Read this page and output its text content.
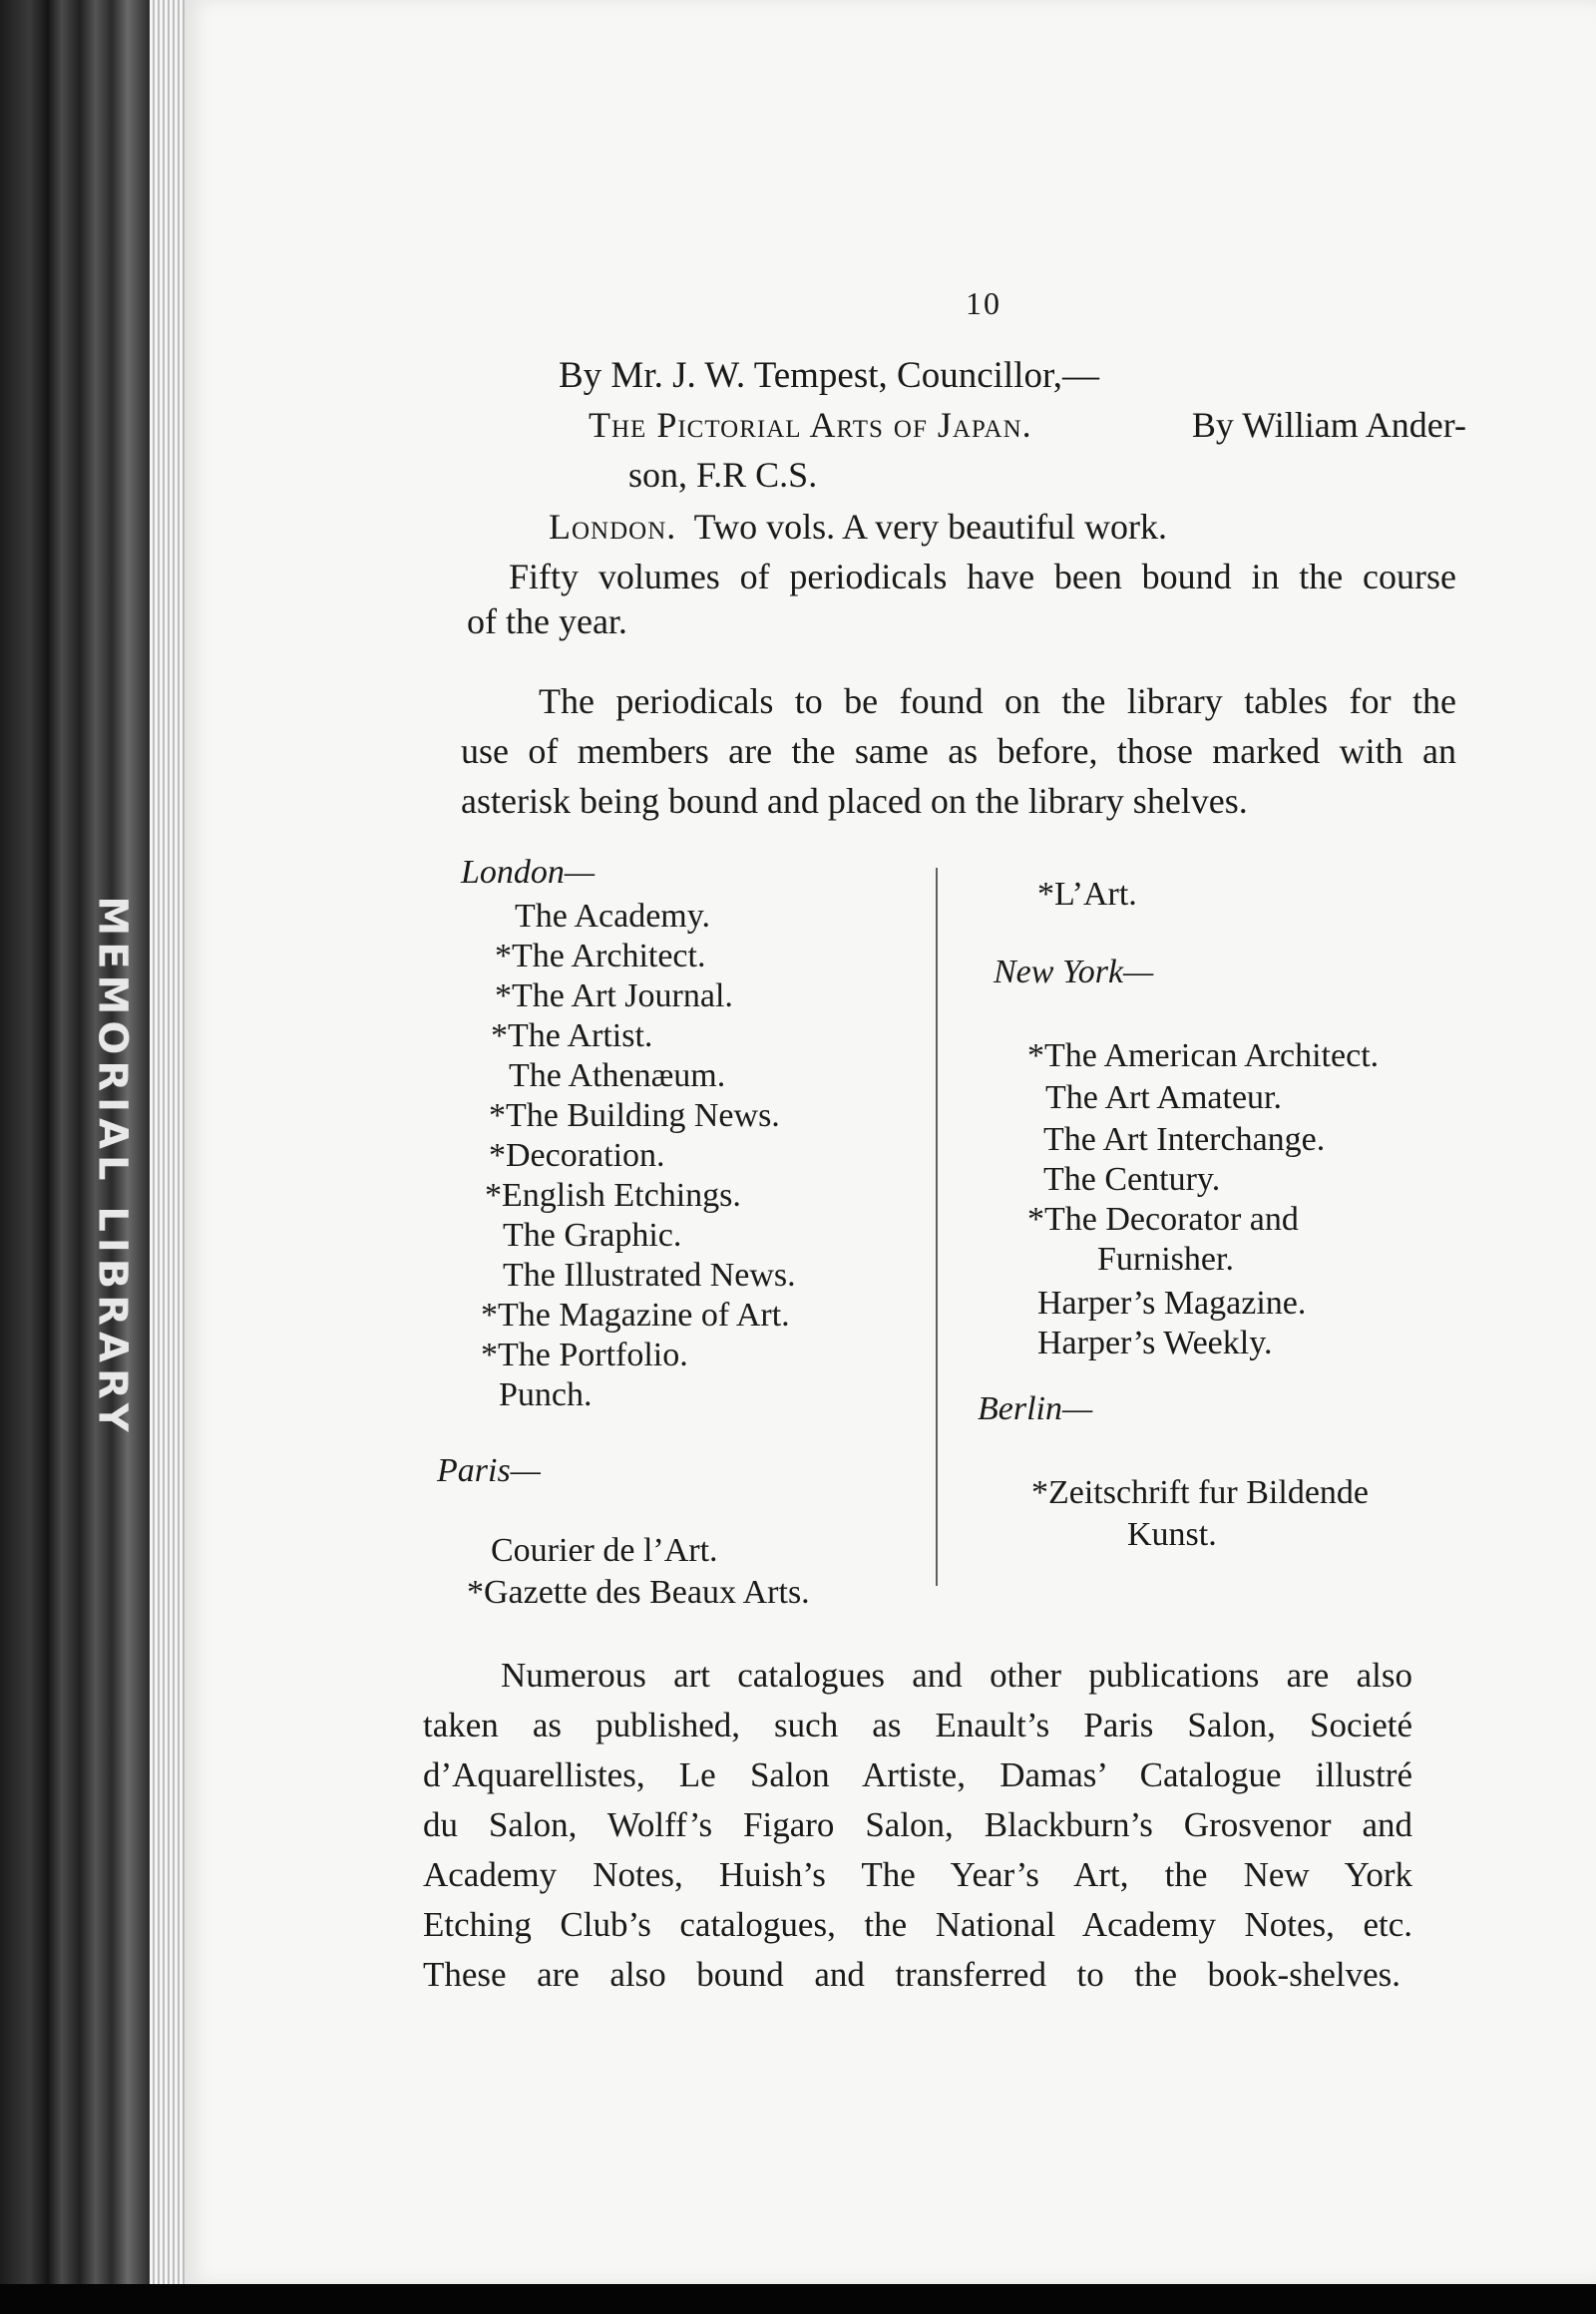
MEMORIAL LIBRARY

10

By Mr. J. W. Tempest, Councillor,—

The Pictorial Arts of Japan.	By William Ander-

son, F.R C.S.

London. Two vols. A very beautiful work.

Fifty volumes of periodicals have been bound in the course

of the year.

The periodicals to be found on the library tables for the

use of members are the same as before, those marked with an

asterisk being bound and placed on the library shelves.

London—

The Academy.

*The Architect.

*The Art Journal.

*The Artist.

The Athenæum.

*The Building News.

*Decoration.

*English Etchings.

The Graphic.

The Illustrated News.

*The Magazine of Art.

*The Portfolio.

Punch.

Paris—

Courier de l’Art.

*Gazette des Beaux Arts.

*L’Art.

New York—

*The American Architect.

The Art Amateur.

The Art Interchange.

The Century.

*The Decorator and

Furnisher.

Harper’s Magazine.

Harper’s Weekly.

Berlin—

*Zeitschrift fur Bildende

Kunst.

Numerous art catalogues and other publications are also

taken as published, such as Enault’s Paris Salon, Societé

d’Aquarellistes, Le Salon Artiste, Damas’ Catalogue illustré

du Salon, Wolff’s Figaro Salon, Blackburn’s Grosvenor and

Academy Notes, Huish’s The Year’s Art, the New York

Etching Club’s catalogues, the National Academy Notes, etc.

These are also bound and transferred to the book-shelves.
